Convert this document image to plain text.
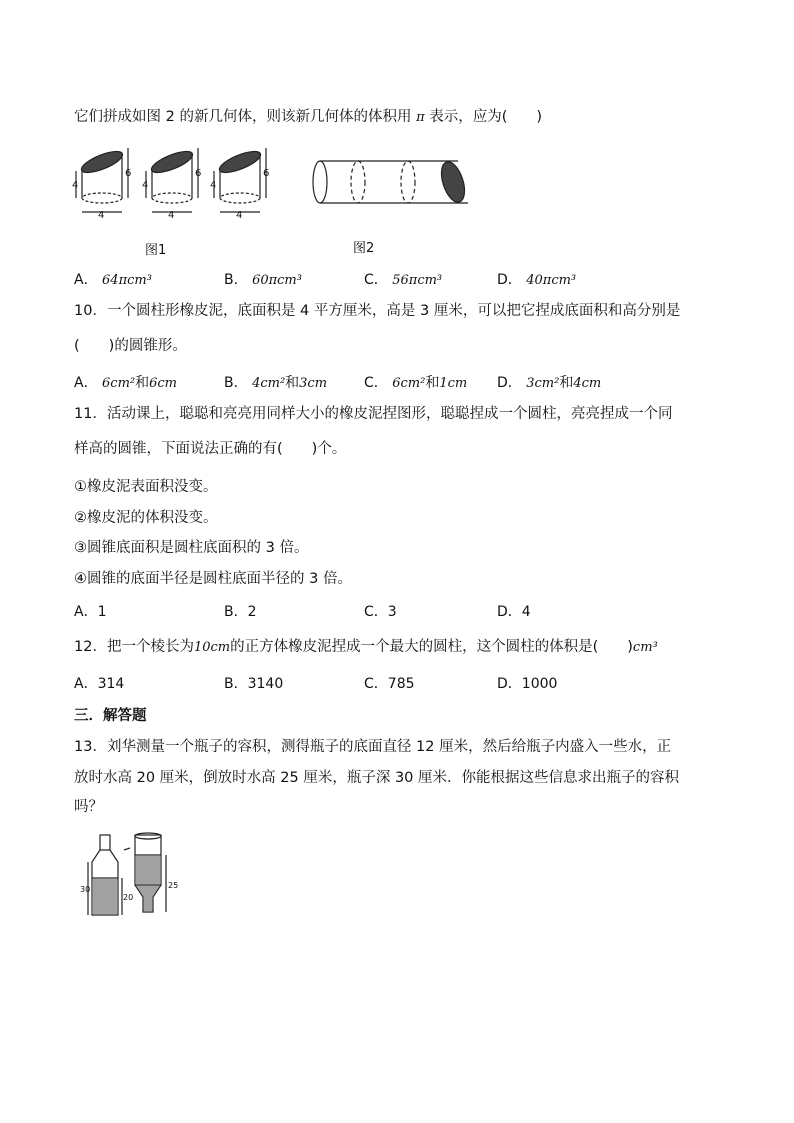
它们拼成如图 2 的新几何体，则该新几何体的体积用 π 表示，应为(　　)
4
6
4
4
6
4
4
6
4
图1	图2
A． 64πcm³	B． 60πcm³	C． 56πcm³	D． 40πcm³
10．一个圆柱形橡皮泥，底面积是 4 平方厘米，高是 3 厘米，可以把它捏成底面积和高分别是
(　　)的圆锥形。
A． 6cm²和6cm	B． 4cm²和3cm	C． 6cm²和1cm D． 3cm²和4cm
11．活动课上，聪聪和亮亮用同样大小的橡皮泥捏图形，聪聪捏成一个圆柱，亮亮捏成一个同
样高的圆锥，下面说法正确的有(　　)个。
①橡皮泥表面积没变。
②橡皮泥的体积没变。
③圆锥底面积是圆柱底面积的 3 倍。
④圆锥的底面半径是圆柱底面半径的 3 倍。
A．1	B．2	C．3	D．4
12．把一个棱长为10cm的正方体橡皮泥捏成一个最大的圆柱，这个圆柱的体积是(　　)cm³
A．314	B．3140	C．785	D．1000
三．解答题
13．刘华测量一个瓶子的容积，测得瓶子的底面直径 12 厘米，然后给瓶子内盛入一些水，正
放时水高 20 厘米，倒放时水高 25 厘米，瓶子深 30 厘米．你能根据这些信息求出瓶子的容积
吗？
30
20
25
